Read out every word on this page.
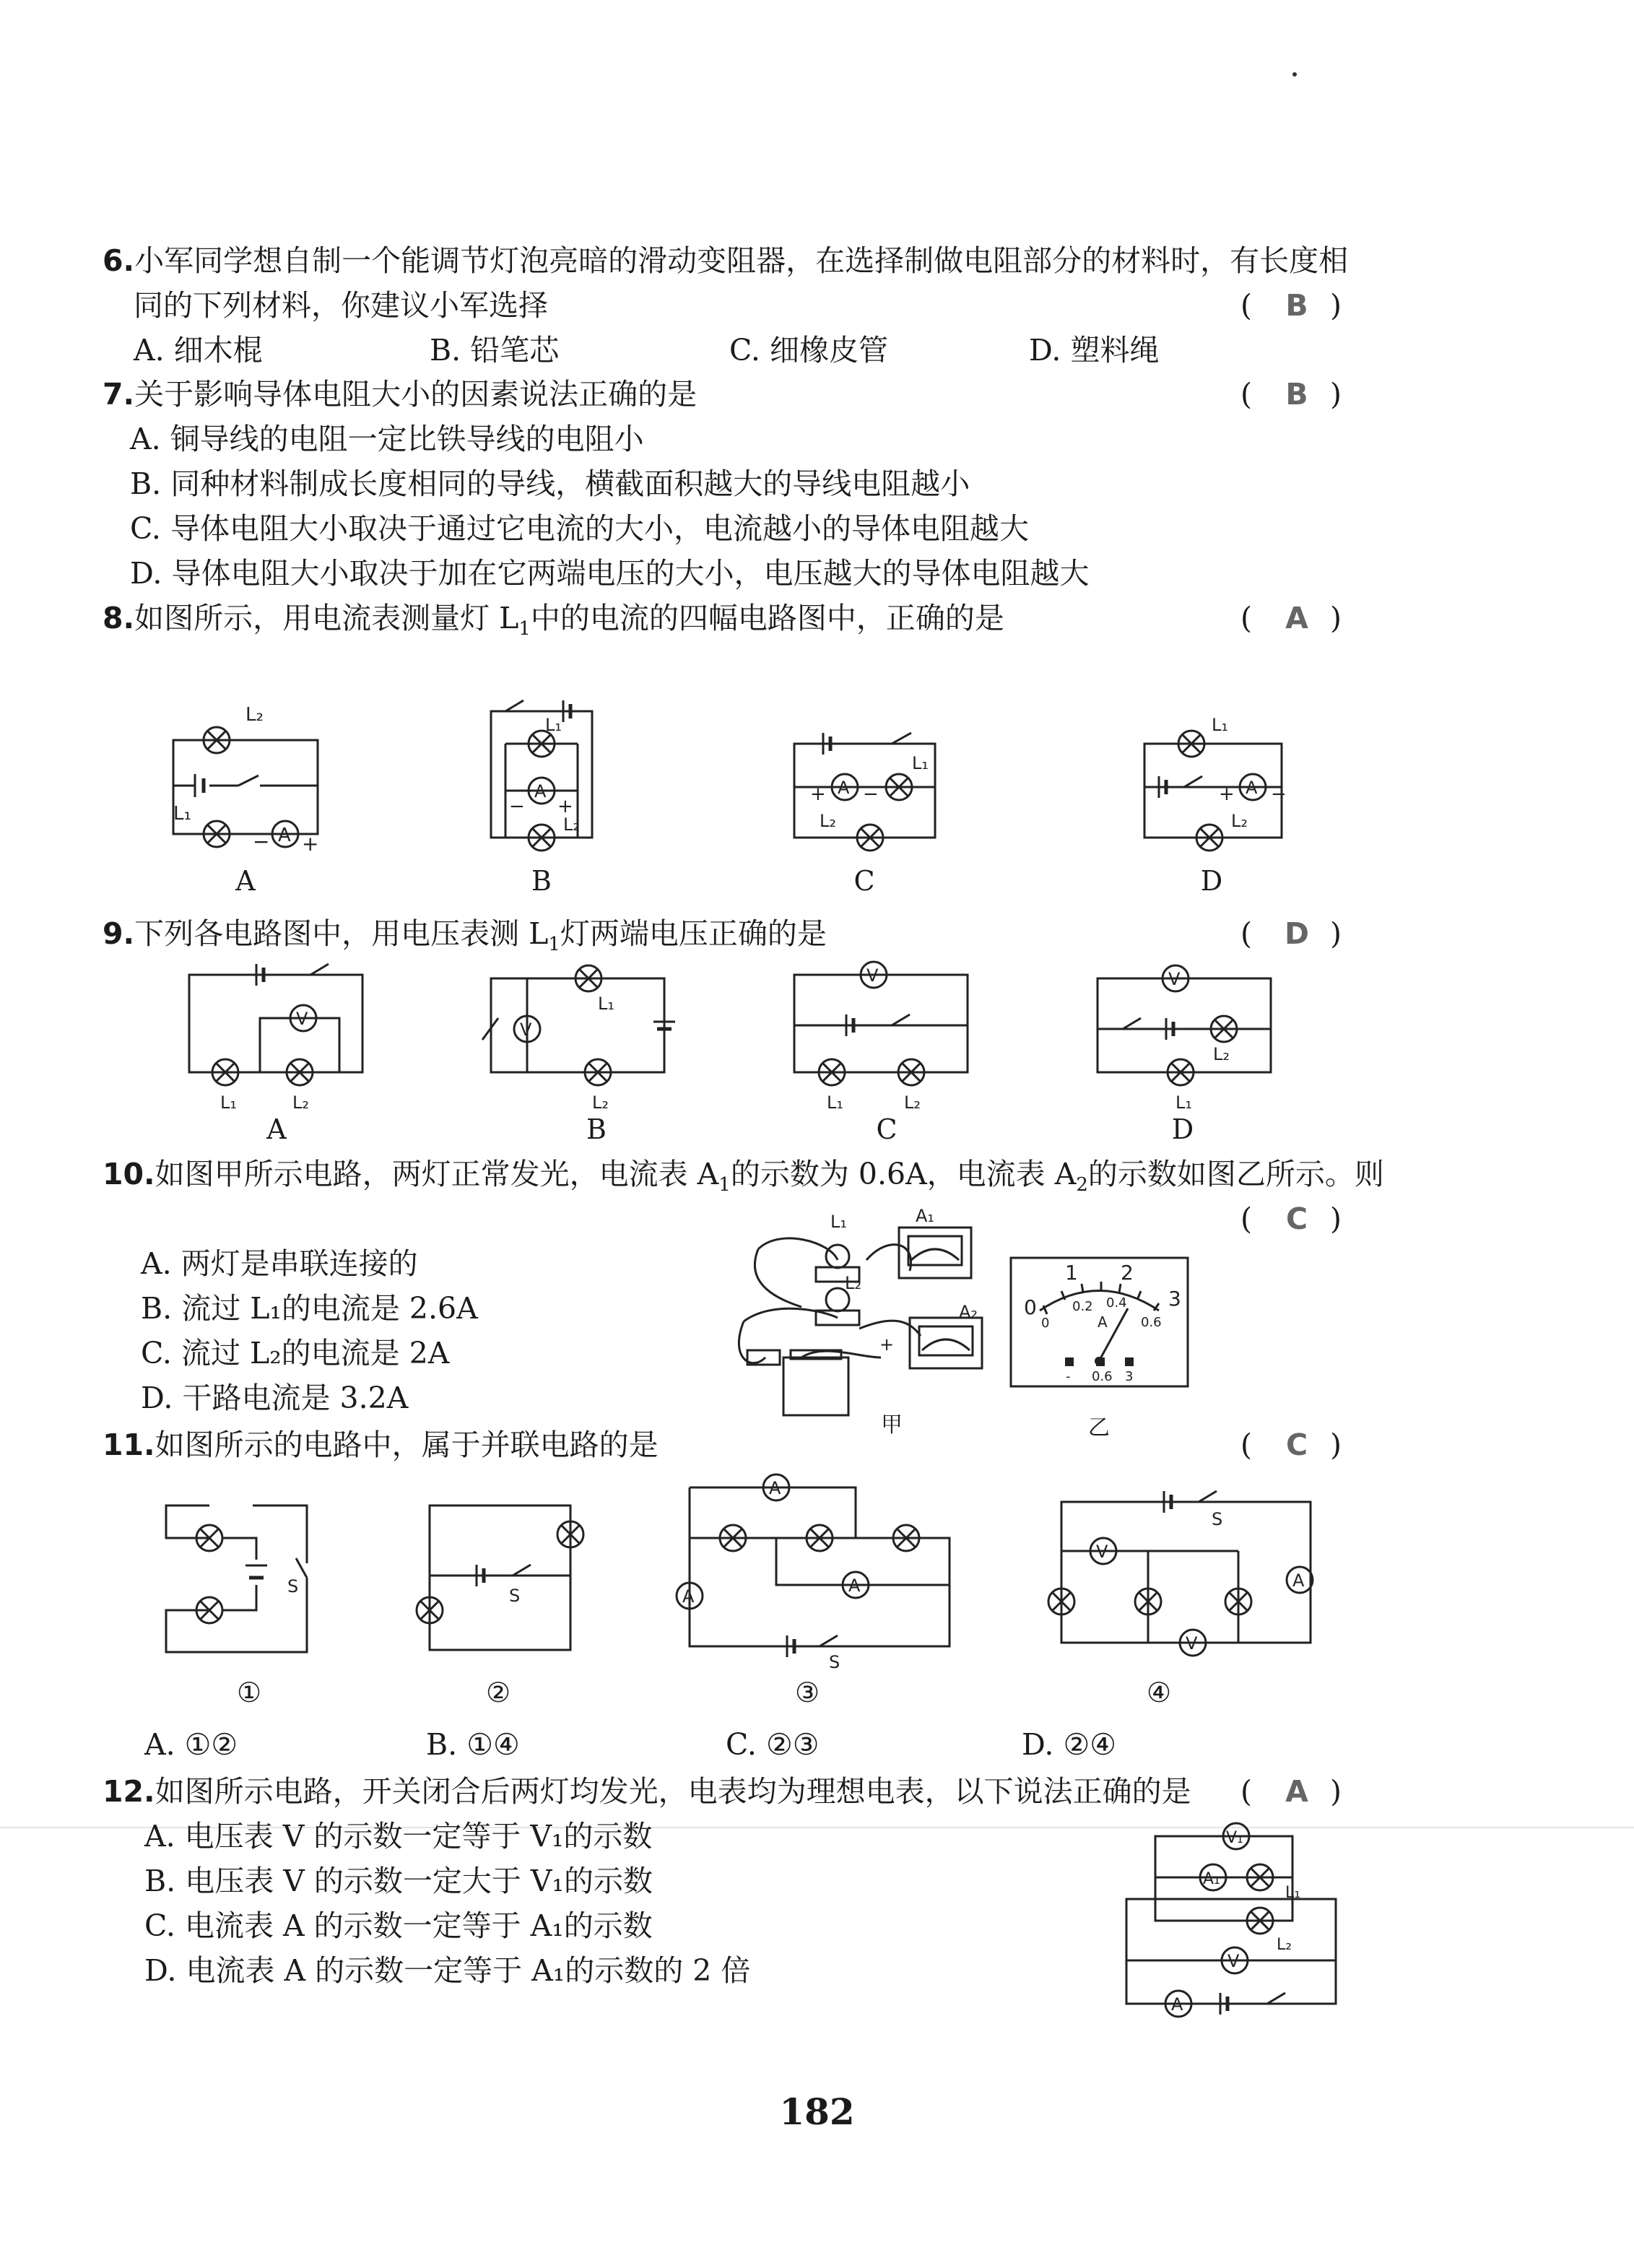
6.小军同学想自制一个能调节灯泡亮暗的滑动变阻器，在选择制做电阻部分的材料时，有长度相
同的下列材料，你建议小军选择	( B )
A. 细木棍	B. 铅笔芯	C. 细橡皮管	D. 塑料绳
7.关于影响导体电阻大小的因素说法正确的是	( B )
A. 铜导线的电阻一定比铁导线的电阻小
B. 同种材料制成长度相同的导线，横截面积越大的导线电阻越小
C. 导体电阻大小取决于通过它电流的大小，电流越小的导体电阻越大
D. 导体电阻大小取决于加在它两端电压的大小，电压越大的导体电阻越大
8.如图所示，用电流表测量灯 $L_1$中的电流的四幅电路图中，正确的是	( A )
A
L₂
L₁
− +
A
L₁
L₂
− +
A
L₁
L₂
+ −	A
L₁
L₂
+ −
A	B	C	D
9.下列各电路图中，用电压表测 $L_1$灯两端电压正确的是	( D )
V
L₁	L₂
V
L₁
L₂
V
L₁	L₂
V
L₂
L₁
A	B	C	D
10.如图甲所示电路，两灯正常发光，电流表 $A_1$的示数为 0.6A，电流表 $A_2$的示数如图乙所示。则
( C )
A. 两灯是串联连接的
B. 流过 L₁的电流是 2.6A
C. 流过 L₂的电流是 2A
D. 干路电流是 3.2A
L₁
L₂
A₁
A₂
+
0
1 2
3
0
0.2 0.4
0.6
A
- 0.6 3
甲	乙
11.如图所示的电路中，属于并联电路的是	( C )
S	S
A
A
A
S
V
V
A
S
①	②	③	④
A. ①②	B. ①④	C. ②③	D. ②④
12.如图所示电路，开关闭合后两灯均发光，电表均为理想电表，以下说法正确的是 ( A )
A. 电压表 V 的示数一定等于 V₁的示数
B. 电压表 V 的示数一定大于 V₁的示数
C. 电流表 A 的示数一定等于 A₁的示数
D. 电流表 A 的示数一定等于 A₁的示数的 2 倍
V₁
A₁
V
A
L₁
L₂
182
